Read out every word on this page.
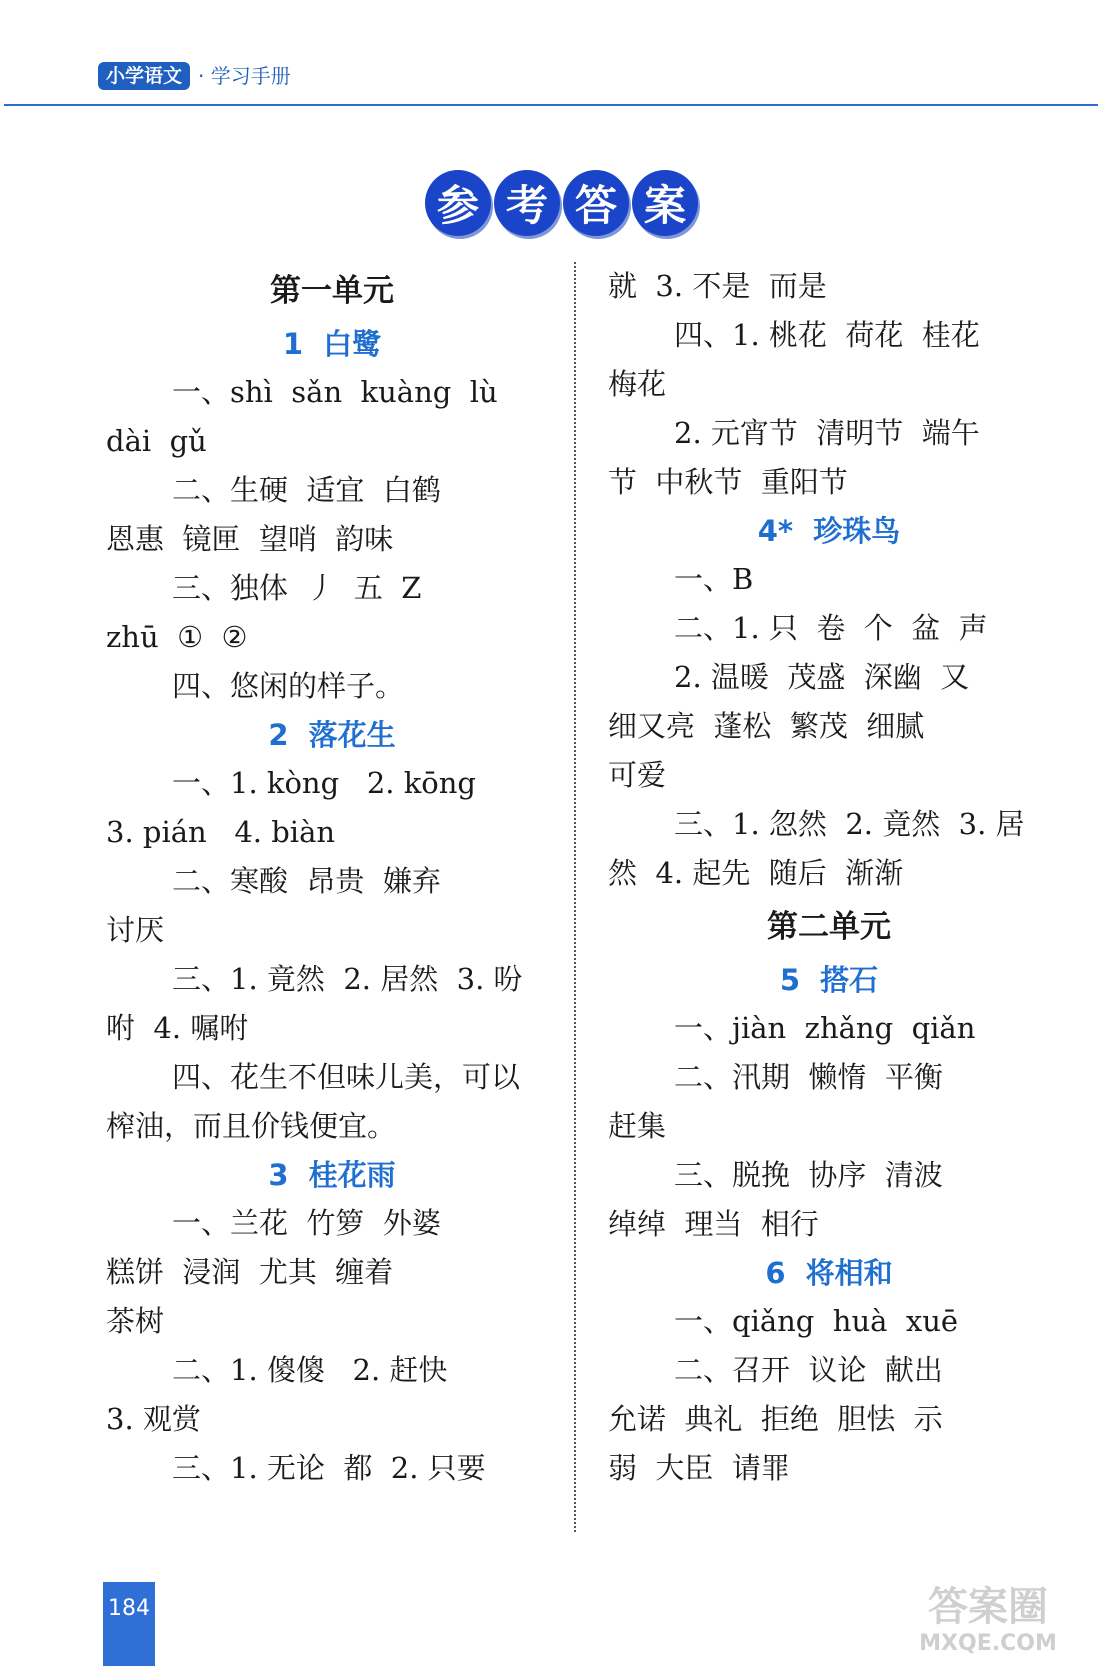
小学语文 · 学习手册
参 考 答 案
第一单元
1  白鹭
一、shì  sǎn  kuàng  lù
dài  gǔ
二、生硬  适宜  白鹤
恩惠  镜匣  望哨  韵味
三、独体  丿  五  Z
zhū  ①  ②
四、悠闲的样子。
2  落花生
一、1. kòng   2. kōng
3. pián   4. biàn
二、寒酸  昂贵  嫌弃
讨厌
三、1. 竟然  2. 居然  3. 吩
咐  4. 嘱咐
四、花生不但味儿美，可以
榨油，而且价钱便宜。
3  桂花雨
一、兰花  竹箩  外婆
糕饼  浸润  尤其  缠着
茶树
二、1. 傻傻   2. 赶快
3. 观赏
三、1. 无论  都  2. 只要
就  3. 不是  而是
四、1. 桃花  荷花  桂花
梅花
2. 元宵节  清明节  端午
节  中秋节  重阳节
4*  珍珠鸟
一、B
二、1. 只  卷  个  盆  声
2. 温暖  茂盛  深幽  又
细又亮  蓬松  繁茂  细腻
可爱
三、1. 忽然  2. 竟然  3. 居
然  4. 起先  随后  渐渐
第二单元
5  搭石
一、jiàn  zhǎng  qiǎn
二、汛期  懒惰  平衡
赶集
三、脱挽  协序  清波
绰绰  理当  相行
6  将相和
一、qiǎng  huà  xuē
二、召开  议论  献出
允诺  典礼  拒绝  胆怯  示
弱  大臣  请罪
184	答案圈
MXQE.COM
